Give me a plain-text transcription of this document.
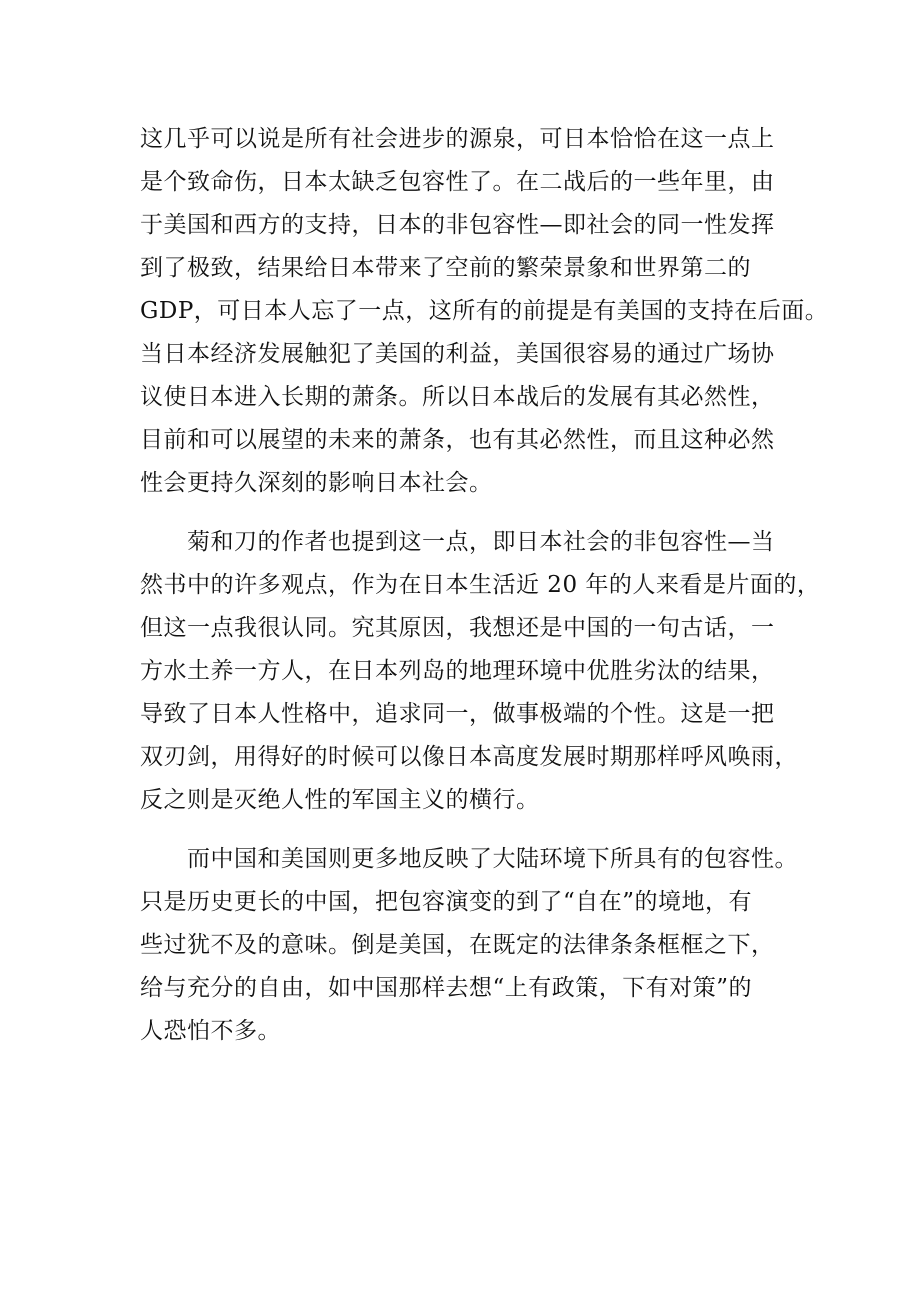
这几乎可以说是所有社会进步的源泉，可日本恰恰在这一点上
是个致命伤，日本太缺乏包容性了。在二战后的一些年里，由
于美国和西方的支持，日本的非包容性—即社会的同一性发挥
到了极致，结果给日本带来了空前的繁荣景象和世界第二的
GDP，可日本人忘了一点，这所有的前提是有美国的支持在后面。
当日本经济发展触犯了美国的利益，美国很容易的通过广场协
议使日本进入长期的萧条。所以日本战后的发展有其必然性，
目前和可以展望的未来的萧条，也有其必然性，而且这种必然
性会更持久深刻的影响日本社会。
　　菊和刀的作者也提到这一点，即日本社会的非包容性—当
然书中的许多观点，作为在日本生活近 20 年的人来看是片面的，
但这一点我很认同。究其原因，我想还是中国的一句古话，一
方水土养一方人，在日本列岛的地理环境中优胜劣汰的结果，
导致了日本人性格中，追求同一，做事极端的个性。这是一把
双刃剑，用得好的时候可以像日本高度发展时期那样呼风唤雨，
反之则是灭绝人性的军国主义的横行。
　　而中国和美国则更多地反映了大陆环境下所具有的包容性。
只是历史更长的中国，把包容演变的到了“自在”的境地，有
些过犹不及的意味。倒是美国，在既定的法律条条框框之下，
给与充分的自由，如中国那样去想“上有政策，下有对策”的
人恐怕不多。
